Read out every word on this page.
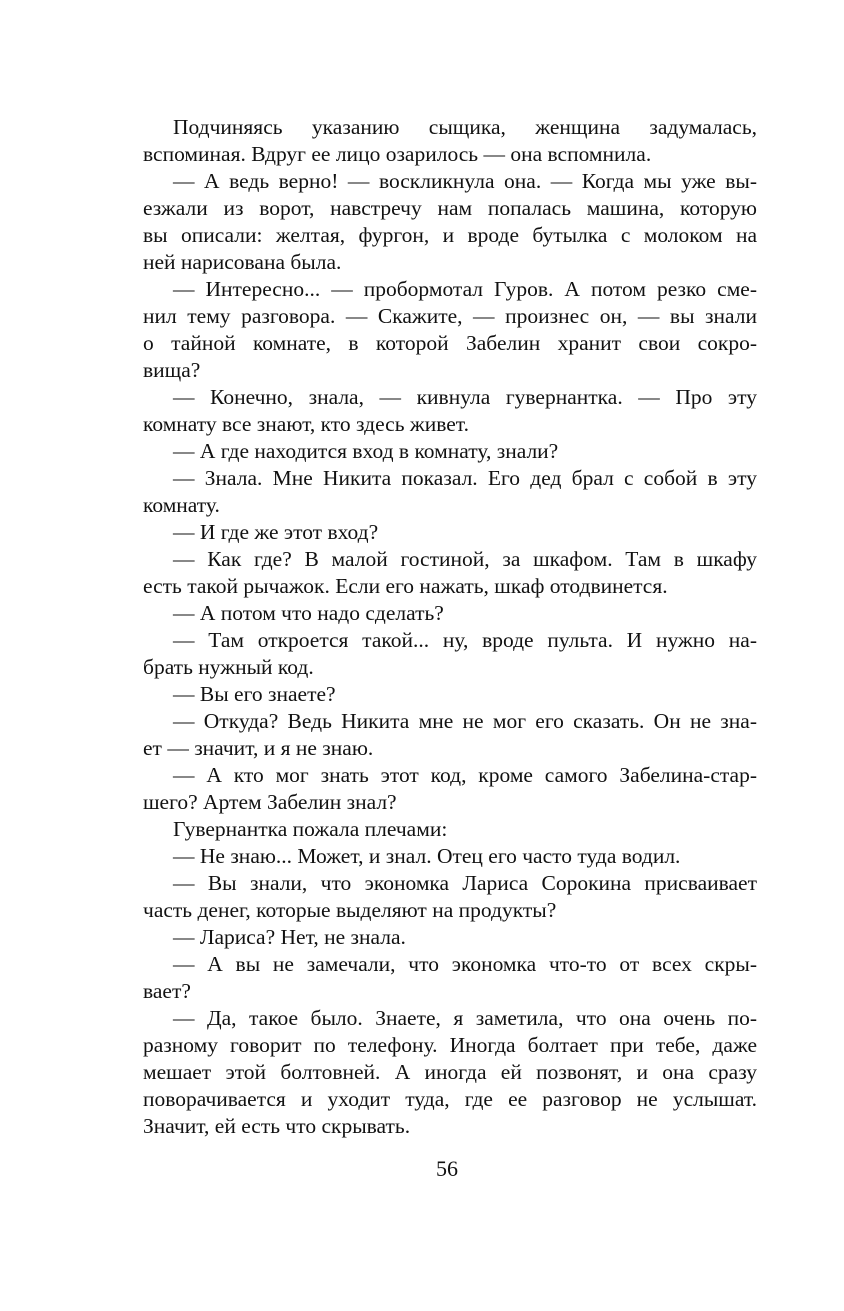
Подчиняясь указанию сыщика, женщина задумалась,
вспоминая. Вдруг ее лицо озарилось — она вспомнила.
— А ведь верно! — воскликнула она. — Когда мы уже вы-
езжали из ворот, навстречу нам попалась машина, которую
вы описали: желтая, фургон, и вроде бутылка с молоком на
ней нарисована была.
— Интересно... — пробормотал Гуров. А потом резко сме-
нил тему разговора. — Скажите, — произнес он, — вы знали
о тайной комнате, в которой Забелин хранит свои сокро-
вища?
— Конечно, знала, — кивнула гувернантка. — Про эту
комнату все знают, кто здесь живет.
— А где находится вход в комнату, знали?
— Знала. Мне Никита показал. Его дед брал с собой в эту
комнату.
— И где же этот вход?
— Как где? В малой гостиной, за шкафом. Там в шкафу
есть такой рычажок. Если его нажать, шкаф отодвинется.
— А потом что надо сделать?
— Там откроется такой... ну, вроде пульта. И нужно на-
брать нужный код.
— Вы его знаете?
— Откуда? Ведь Никита мне не мог его сказать. Он не зна-
ет — значит, и я не знаю.
— А кто мог знать этот код, кроме самого Забелина-стар-
шего? Артем Забелин знал?
Гувернантка пожала плечами:
— Не знаю... Может, и знал. Отец его часто туда водил.
— Вы знали, что экономка Лариса Сорокина присваивает
часть денег, которые выделяют на продукты?
— Лариса? Нет, не знала.
— А вы не замечали, что экономка что-то от всех скры-
вает?
— Да, такое было. Знаете, я заметила, что она очень по-
разному говорит по телефону. Иногда болтает при тебе, даже
мешает этой болтовней. А иногда ей позвонят, и она сразу
поворачивается и уходит туда, где ее разговор не услышат.
Значит, ей есть что скрывать.
56
